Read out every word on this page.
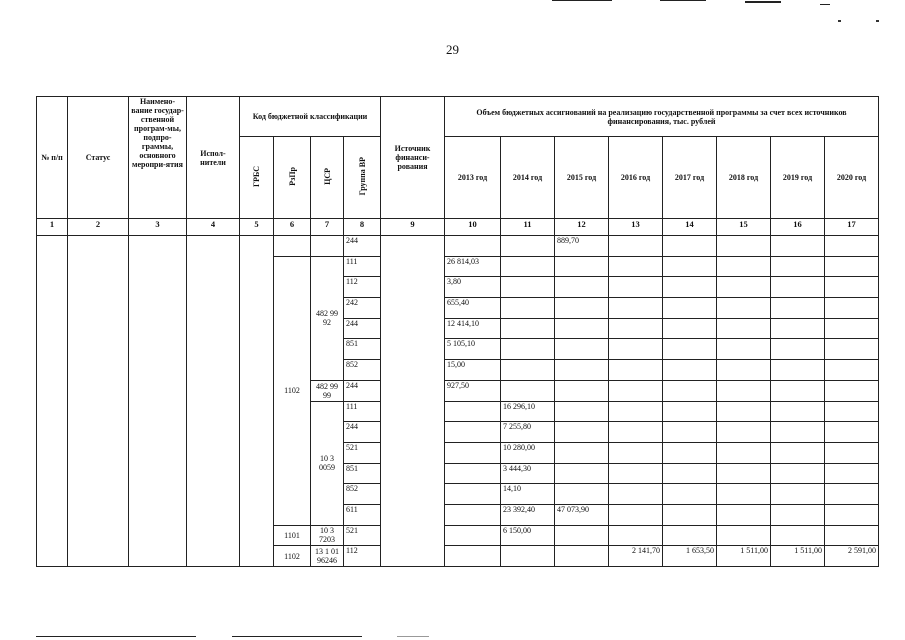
29
№ п/п	Статус	Наимено-вание государ-ственной програм-мы, подпро-граммы, основного меропри-ятия	Испол-нители	Код бюджетной классификации				Источник финанси-рования	Объем бюджетных ассигнований на реализацию государственной программы за счет всех источников финансирования, тыс. рублей							
				ГРБС	РзПр	ЦСР	Группа ВР		2013 год	2014 год	2015 год	2016 год	2017 год	2018 год	2019 год	2020 год
1	2	3	4	5	6	7	8	9	10	11	12	13	14	15	16	17
							244				889,70					
					1102	482 99 92	111		26 814,03							
							112		3,80							
							242		655,40							
							244		12 414,10							
							851		5 105,10							
							852		15,00							
						482 99 99	244		927,50							
						10 3 0059	111			16 296,10						
							244			7 255,80						
							521			10 280,00						
							851			3 444,30						
							852			14,10						
							611			23 392,40	47 073,90					
					1101	10 3 7203	521			6 150,00						
					1102	13 1 01 96246	112					2 141,70	1 653,50	1 511,00	1 511,00	2 591,00
